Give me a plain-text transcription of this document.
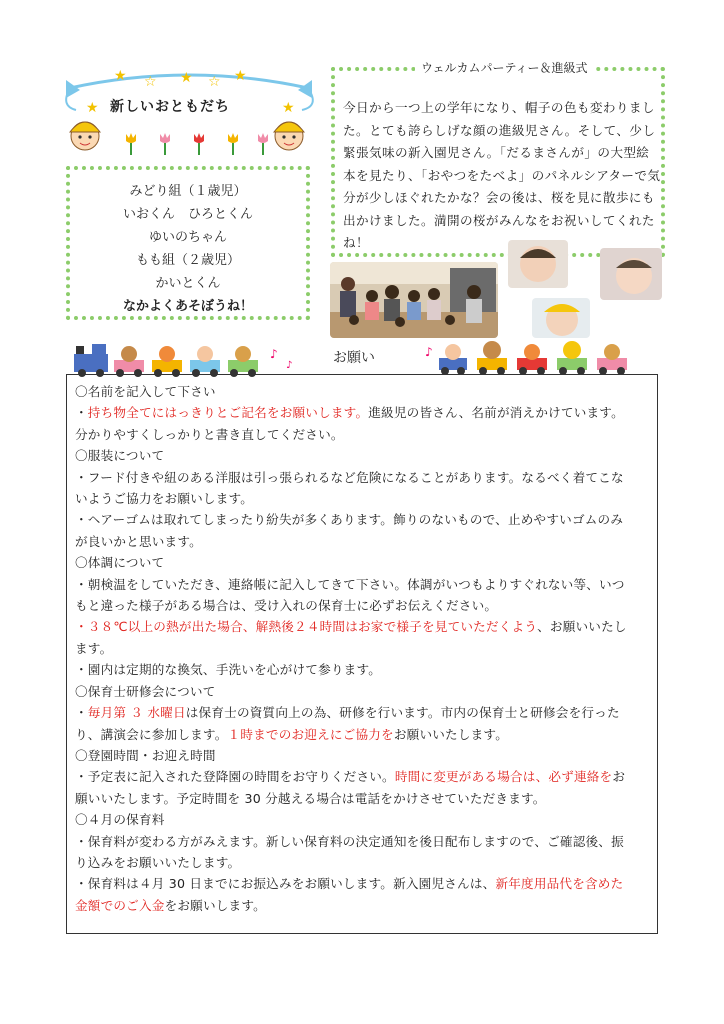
★ ☆ ★ ☆ ★
★	★
新しいおともだち
みどり組（１歳児）
いおくん　ひろとくん
ゆいのちゃん
もも組（２歳児）
かいとくん
なかよくあそぼうね！
ウェルカムパーティー＆進級式
今日から一つ上の学年になり、帽子の色も変わりました。とても誇らしげな顔の進級児さん。そして、少し緊張気味の新入園児さん。「だるまさんが」の大型絵本を見たり、「おやつをたべよ」のパネルシアターで気分が少しほぐれたかな？会の後は、桜を見に散歩にも出かけました。満開の桜がみんなをお祝いしてくれたね！
♪
♪	お願い	♪
〇名前を記入して下さい
・持ち物全てにはっきりとご記名をお願いします。進級児の皆さん、名前が消えかけています。
分かりやすくしっかりと書き直してください。
〇服装について
・フード付きや紐のある洋服は引っ張られるなど危険になることがあります。なるべく着てこな
いようご協力をお願いします。
・ヘアーゴムは取れてしまったり紛失が多くあります。飾りのないもので、止めやすいゴムのみ
が良いかと思います。
〇体調について
・朝検温をしていただき、連絡帳に記入してきて下さい。体調がいつもよりすぐれない等、いつ
もと違った様子がある場合は、受け入れの保育士に必ずお伝えください。
・３８℃以上の熱が出た場合、解熱後２４時間はお家で様子を見ていただくよう、お願いいたし
ます。
・園内は定期的な換気、手洗いを心がけて参ります。
〇保育士研修会について
・毎月第 ３ 水曜日は保育士の資質向上の為、研修を行います。市内の保育士と研修会を行った
り、講演会に参加します。１時までのお迎えにご協力をお願いいたします。
〇登園時間・お迎え時間
・予定表に記入された登降園の時間をお守りください。時間に変更がある場合は、必ず連絡をお
願いいたします。予定時間を 30 分越える場合は電話をかけさせていただきます。
〇４月の保育料
・保育料が変わる方がみえます。新しい保育料の決定通知を後日配布しますので、ご確認後、振
り込みをお願いいたします。
・保育料は４月 30 日までにお振込みをお願いします。新入園児さんは、新年度用品代を含めた
金額でのご入金をお願いします。
